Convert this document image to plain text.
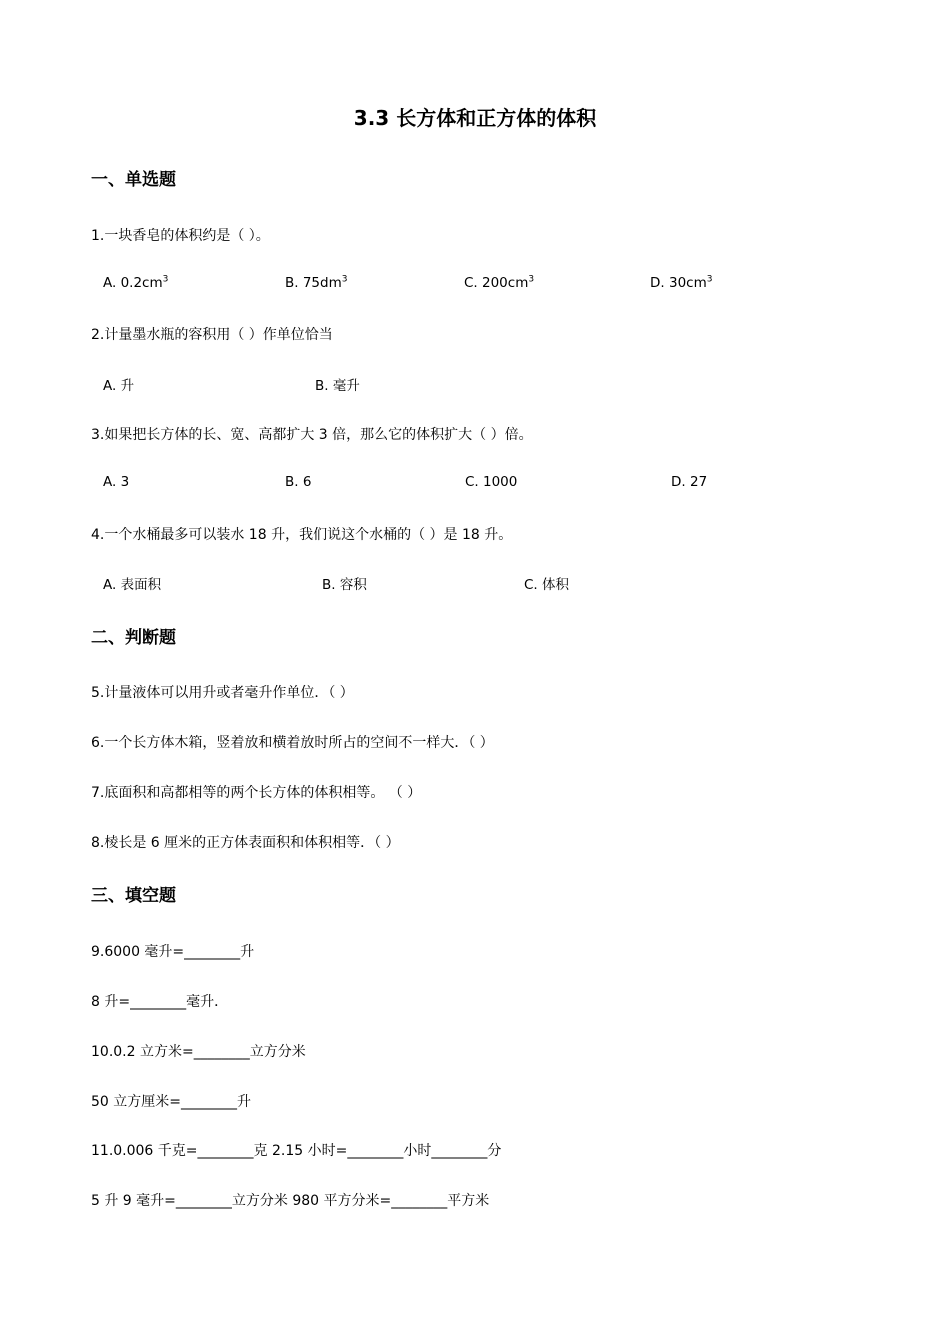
3.3 长方体和正方体的体积
一、单选题
1.一块香皂的体积约是（ ）。
A. $0.2cm^3$	B. $75dm^3$	C. $200cm^3$	D. $30cm^3$
2.计量墨水瓶的容积用（ ）作单位恰当
A. 升	B. 毫升
3.如果把长方体的长、宽、高都扩大 3 倍，那么它的体积扩大（ ）倍。
A. 3	B. 6	C. 1000	D. 27
4.一个水桶最多可以装水 18 升，我们说这个水桶的（ ）是 18 升。
A. 表面积	B. 容积	C. 体积
二、判断题
5.计量液体可以用升或者毫升作单位．（ ）
6.一个长方体木箱，竖着放和横着放时所占的空间不一样大．（ ）
7.底面积和高都相等的两个长方体的体积相等。 （ ）
8.棱长是 6 厘米的正方体表面积和体积相等．（ ）
三、填空题
9.6000 毫升=________升
8 升=________毫升．
10.0.2 立方米=________立方分米
50 立方厘米=________升
11.0.006 千克=________克 2.15 小时=________小时________分
5 升 9 毫升=________立方分米 980 平方分米=________平方米
